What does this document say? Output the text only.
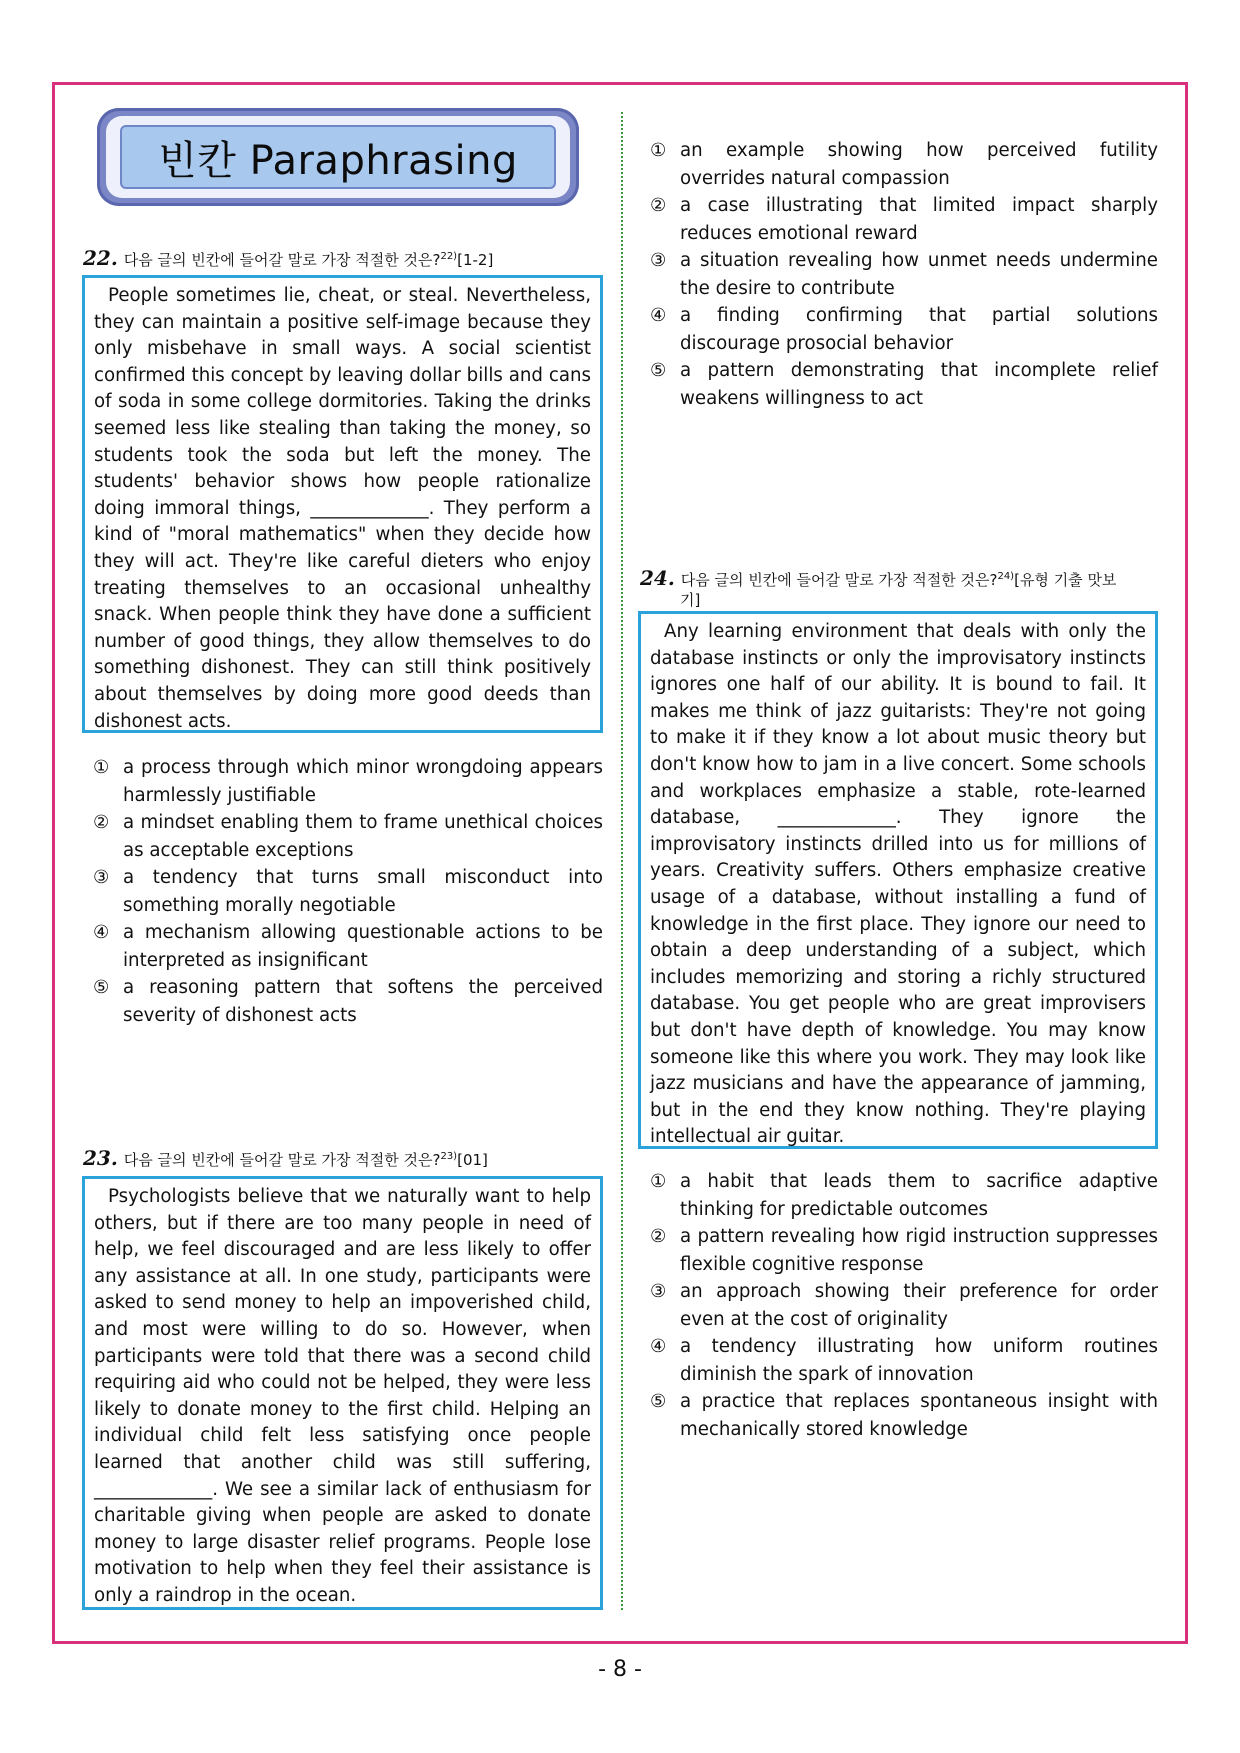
빈칸 Paraphrasing
22. 다음 글의 빈칸에 들어갈 말로 가장 적절한 것은?$^{22)}$[1-2]

People sometimes lie, cheat, or steal. Nevertheless, they can maintain a positive self-image because they only misbehave in small ways. A social scientist confirmed this concept by leaving dollar bills and cans of soda in some college dormitories. Taking the drinks seemed less like stealing than taking the money, so students took the soda but left the money. The students' behavior shows how people rationalize doing immoral things, _____________. They perform a kind of "moral mathematics" when they decide how they will act. They're like careful dieters who enjoy treating themselves to an occasional unhealthy snack. When people think they have done a sufficient number of good things, they allow themselves to do something dishonest. They can still think positively about themselves by doing more good deeds than dishonest acts.

① a process through which minor wrongdoing appears harmlessly justifiable
② a mindset enabling them to frame unethical choices as acceptable exceptions
③ a tendency that turns small misconduct into something morally negotiable
④ a mechanism allowing questionable actions to be interpreted as insignificant
⑤ a reasoning pattern that softens the perceived severity of dishonest acts
23. 다음 글의 빈칸에 들어갈 말로 가장 적절한 것은?$^{23)}$[01]

Psychologists believe that we naturally want to help others, but if there are too many people in need of help, we feel discouraged and are less likely to offer any assistance at all. In one study, participants were asked to send money to help an impoverished child, and most were willing to do so. However, when participants were told that there was a second child requiring aid who could not be helped, they were less likely to donate money to the first child. Helping an individual child felt less satisfying once people learned that another child was still suffering, _____________. We see a similar lack of enthusiasm for charitable giving when people are asked to donate money to large disaster relief programs. People lose motivation to help when they feel their assistance is only a raindrop in the ocean.

① an example showing how perceived futility overrides natural compassion
② a case illustrating that limited impact sharply reduces emotional reward
③ a situation revealing how unmet needs undermine the desire to contribute
④ a finding confirming that partial solutions discourage prosocial behavior
⑤ a pattern demonstrating that incomplete relief weakens willingness to act
24. 다음 글의 빈칸에 들어갈 말로 가장 적절한 것은?$^{24)}$[유형 기출 맛보
기]

Any learning environment that deals with only the database instincts or only the improvisatory instincts ignores one half of our ability. It is bound to fail. It makes me think of jazz guitarists: They're not going to make it if they know a lot about music theory but don't know how to jam in a live concert. Some schools and workplaces emphasize a stable, rote-learned database, _____________. They ignore the improvisatory instincts drilled into us for millions of years. Creativity suffers. Others emphasize creative usage of a database, without installing a fund of knowledge in the first place. They ignore our need to obtain a deep understanding of a subject, which includes memorizing and storing a richly structured database. You get people who are great improvisers but don't have depth of knowledge. You may know someone like this where you work. They may look like jazz musicians and have the appearance of jamming, but in the end they know nothing. They're playing intellectual air guitar.

① a habit that leads them to sacrifice adaptive thinking for predictable outcomes
② a pattern revealing how rigid instruction suppresses flexible cognitive response
③ an approach showing their preference for order even at the cost of originality
④ a tendency illustrating how uniform routines diminish the spark of innovation
⑤ a practice that replaces spontaneous insight with mechanically stored knowledge
- 8 -
